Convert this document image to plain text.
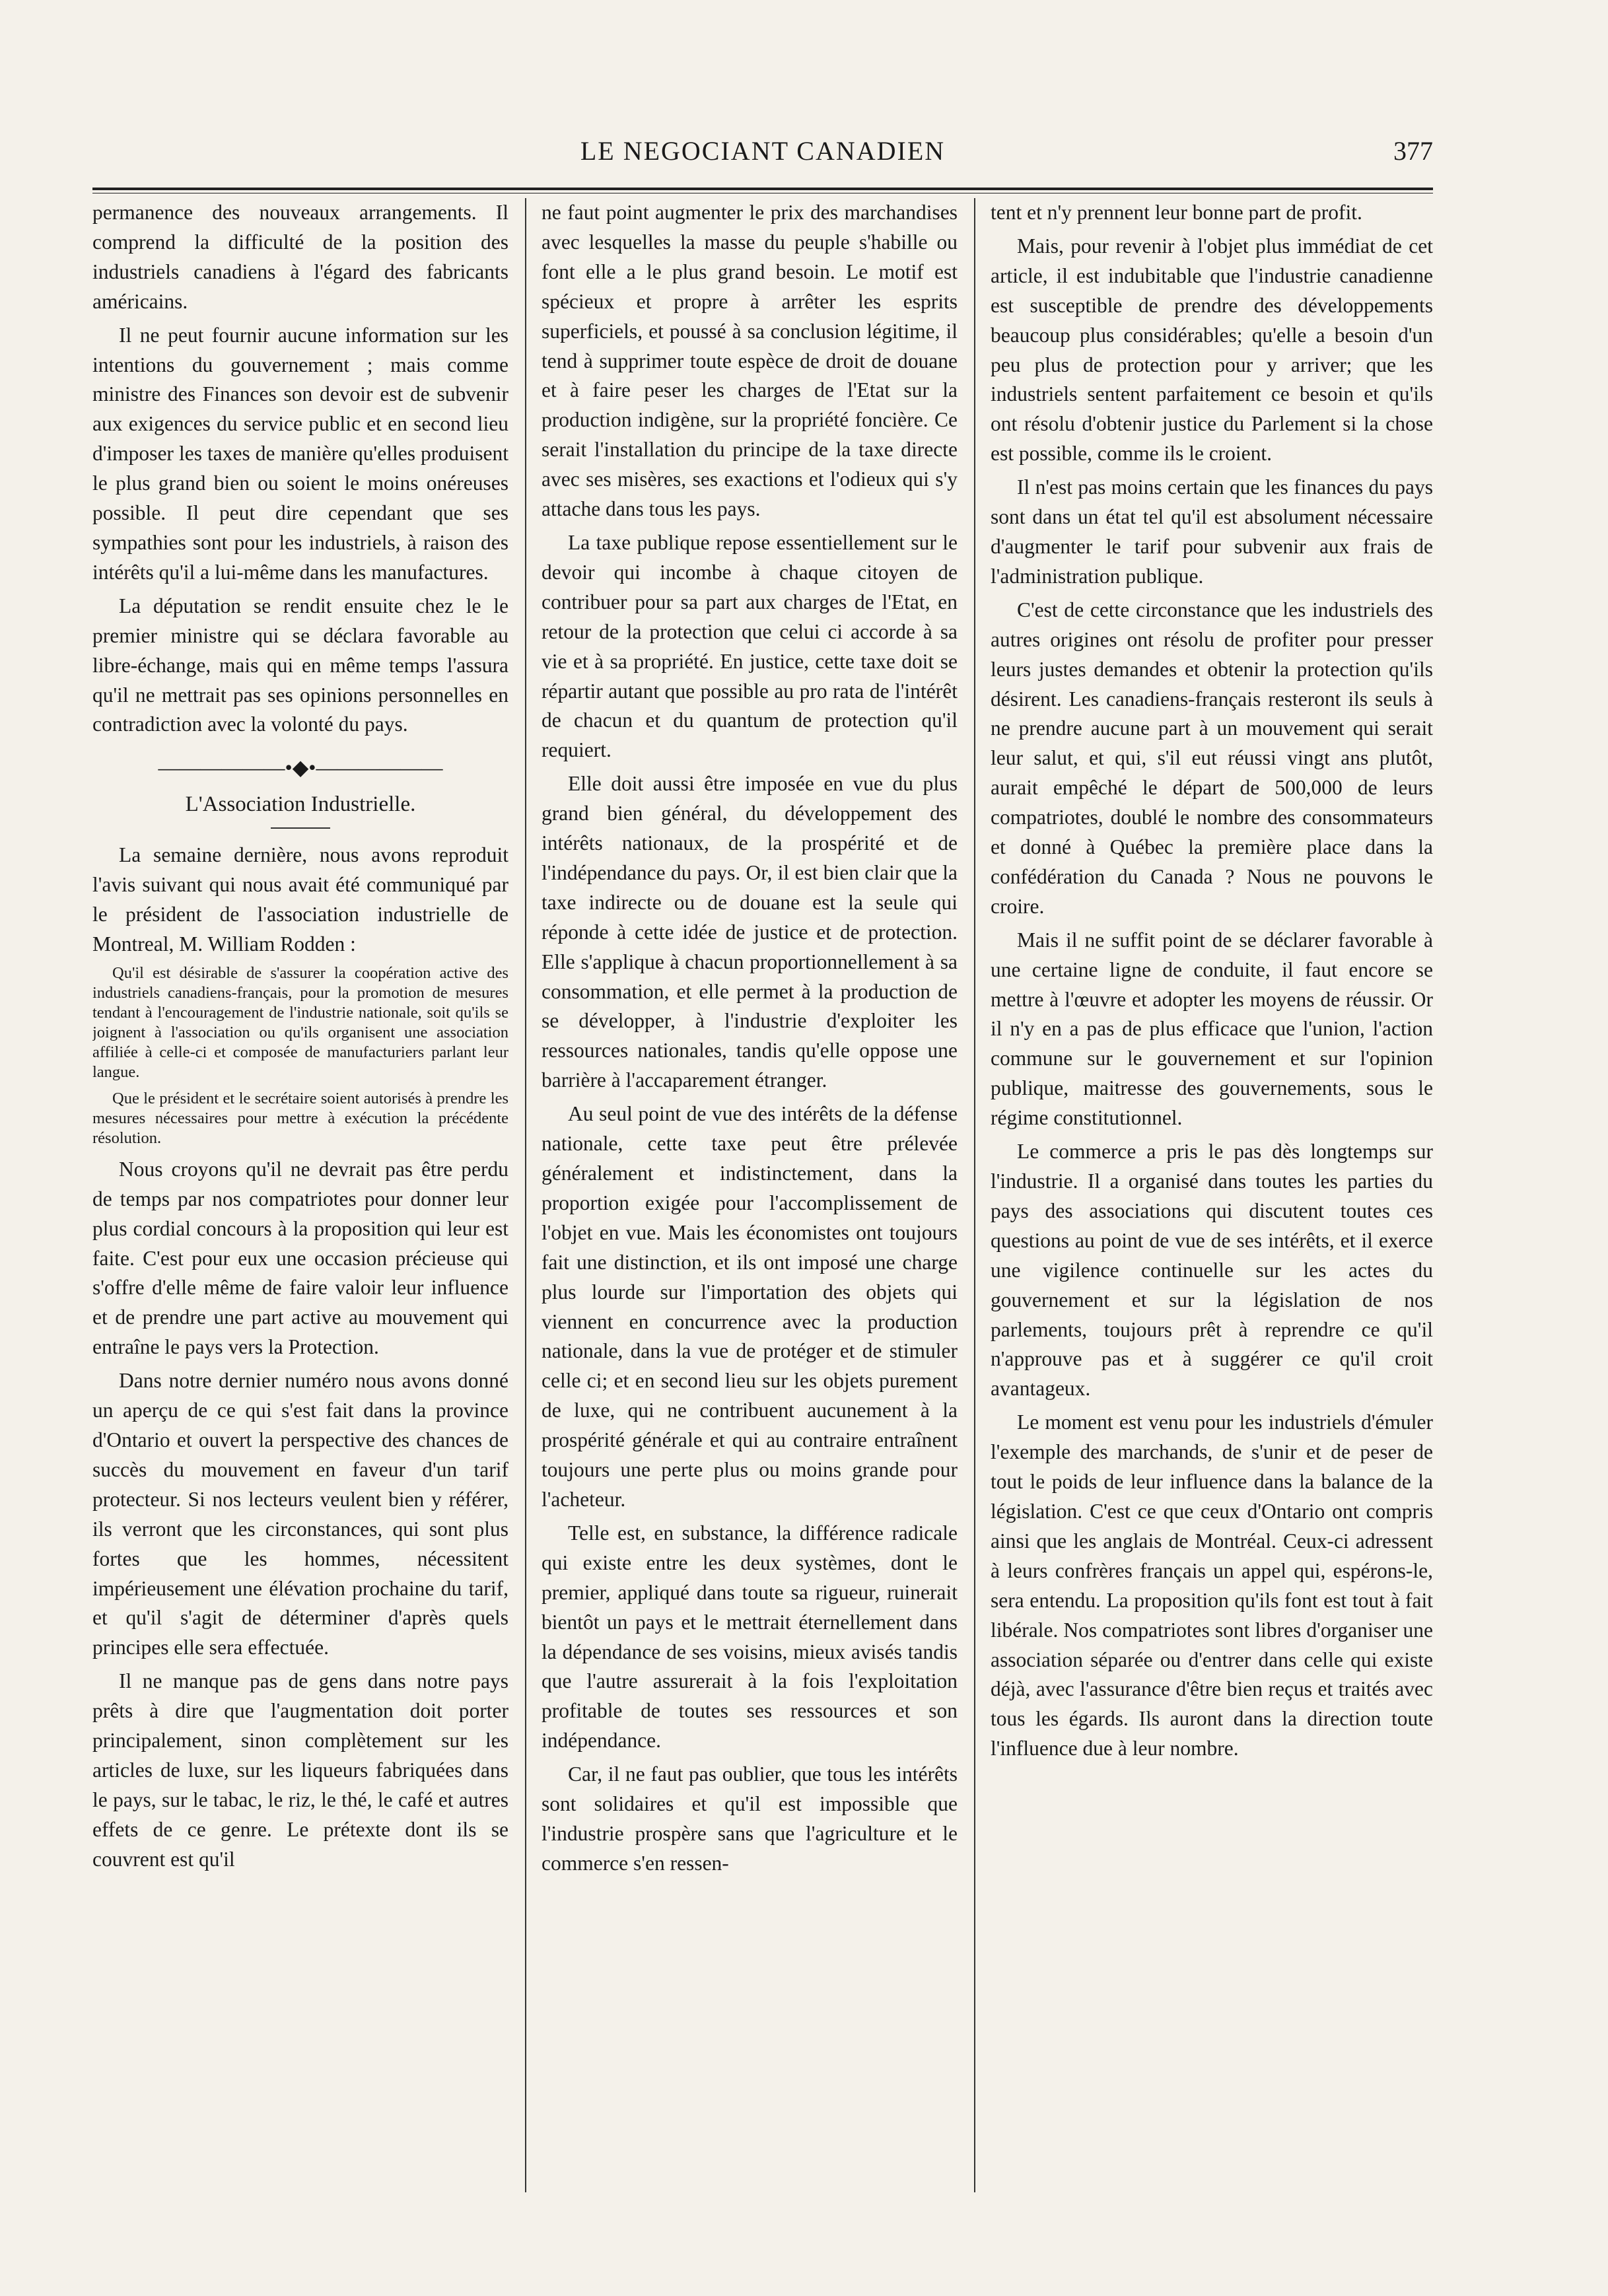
LE NEGOCIANT CANADIEN	377

permanence des nouveaux arrangements. Il comprend la difficulté de la position des industriels canadiens à l'égard des fabricants américains.

Il ne peut fournir aucune information sur les intentions du gouvernement ; mais comme ministre des Finances son devoir est de subvenir aux exigences du service public et en second lieu d'imposer les taxes de manière qu'elles produisent le plus grand bien ou soient le moins onéreuses possible. Il peut dire cependant que ses sympathies sont pour les industriels, à raison des intérêts qu'il a lui-même dans les manufactures.

La députation se rendit ensuite chez le le premier ministre qui se déclara favorable au libre-échange, mais qui en même temps l'assura qu'il ne mettrait pas ses opinions personnelles en contradiction avec la volonté du pays.

——————•◆•——————
L'Association Industrielle.

La semaine dernière, nous avons reproduit l'avis suivant qui nous avait été communiqué par le président de l'association industrielle de Montreal, M. William Rodden :

Qu'il est désirable de s'assurer la coopération active des industriels canadiens-français, pour la promotion de mesures tendant à l'encouragement de l'industrie nationale, soit qu'ils se joignent à l'association ou qu'ils organisent une association affiliée à celle-ci et composée de manufacturiers parlant leur langue.

Que le président et le secrétaire soient autorisés à prendre les mesures nécessaires pour mettre à exécution la précédente résolution.

Nous croyons qu'il ne devrait pas être perdu de temps par nos compatriotes pour donner leur plus cordial concours à la proposition qui leur est faite. C'est pour eux une occasion précieuse qui s'offre d'elle même de faire valoir leur influence et de prendre une part active au mouvement qui entraîne le pays vers la Protection.

Dans notre dernier numéro nous avons donné un aperçu de ce qui s'est fait dans la province d'Ontario et ouvert la perspective des chances de succès du mouvement en faveur d'un tarif protecteur. Si nos lecteurs veulent bien y référer, ils verront que les circonstances, qui sont plus fortes que les hommes, nécessitent impérieusement une élévation prochaine du tarif, et qu'il s'agit de déterminer d'après quels principes elle sera effectuée.

Il ne manque pas de gens dans notre pays prêts à dire que l'augmentation doit porter principalement, sinon complètement sur les articles de luxe, sur les liqueurs fabriquées dans le pays, sur le tabac, le riz, le thé, le café et autres effets de ce genre. Le prétexte dont ils se couvrent est qu'il

ne faut point augmenter le prix des marchandises avec lesquelles la masse du peuple s'habille ou font elle a le plus grand besoin. Le motif est spécieux et propre à arrêter les esprits superficiels, et poussé à sa conclusion légitime, il tend à supprimer toute espèce de droit de douane et à faire peser les charges de l'Etat sur la production indigène, sur la propriété foncière. Ce serait l'installation du principe de la taxe directe avec ses misères, ses exactions et l'odieux qui s'y attache dans tous les pays.

La taxe publique repose essentiellement sur le devoir qui incombe à chaque citoyen de contribuer pour sa part aux charges de l'Etat, en retour de la protection que celui ci accorde à sa vie et à sa propriété. En justice, cette taxe doit se répartir autant que possible au pro rata de l'intérêt de chacun et du quantum de protection qu'il requiert.

Elle doit aussi être imposée en vue du plus grand bien général, du développement des intérêts nationaux, de la prospérité et de l'indépendance du pays. Or, il est bien clair que la taxe indirecte ou de douane est la seule qui réponde à cette idée de justice et de protection. Elle s'applique à chacun proportionnellement à sa consommation, et elle permet à la production de se développer, à l'industrie d'exploiter les ressources nationales, tandis qu'elle oppose une barrière à l'accaparement étranger.

Au seul point de vue des intérêts de la défense nationale, cette taxe peut être prélevée généralement et indistinctement, dans la proportion exigée pour l'accomplissement de l'objet en vue. Mais les économistes ont toujours fait une distinction, et ils ont imposé une charge plus lourde sur l'importation des objets qui viennent en concurrence avec la production nationale, dans la vue de protéger et de stimuler celle ci; et en second lieu sur les objets purement de luxe, qui ne contribuent aucunement à la prospérité générale et qui au contraire entraînent toujours une perte plus ou moins grande pour l'acheteur.

Telle est, en substance, la différence radicale qui existe entre les deux systèmes, dont le premier, appliqué dans toute sa rigueur, ruinerait bientôt un pays et le mettrait éternellement dans la dépendance de ses voisins, mieux avisés tandis que l'autre assurerait à la fois l'exploitation profitable de toutes ses ressources et son indépendance.

Car, il ne faut pas oublier, que tous les intérêts sont solidaires et qu'il est impossible que l'industrie prospère sans que l'agriculture et le commerce s'en ressen-

tent et n'y prennent leur bonne part de profit.

Mais, pour revenir à l'objet plus immédiat de cet article, il est indubitable que l'industrie canadienne est susceptible de prendre des développements beaucoup plus considérables; qu'elle a besoin d'un peu plus de protection pour y arriver; que les industriels sentent parfaitement ce besoin et qu'ils ont résolu d'obtenir justice du Parlement si la chose est possible, comme ils le croient.

Il n'est pas moins certain que les finances du pays sont dans un état tel qu'il est absolument nécessaire d'augmenter le tarif pour subvenir aux frais de l'administration publique.

C'est de cette circonstance que les industriels des autres origines ont résolu de profiter pour presser leurs justes demandes et obtenir la protection qu'ils désirent. Les canadiens-français resteront ils seuls à ne prendre aucune part à un mouvement qui serait leur salut, et qui, s'il eut réussi vingt ans plutôt, aurait empêché le départ de 500,000 de leurs compatriotes, doublé le nombre des consommateurs et donné à Québec la première place dans la confédération du Canada ? Nous ne pouvons le croire.

Mais il ne suffit point de se déclarer favorable à une certaine ligne de conduite, il faut encore se mettre à l'œuvre et adopter les moyens de réussir. Or il n'y en a pas de plus efficace que l'union, l'action commune sur le gouvernement et sur l'opinion publique, maitresse des gouvernements, sous le régime constitutionnel.

Le commerce a pris le pas dès longtemps sur l'industrie. Il a organisé dans toutes les parties du pays des associations qui discutent toutes ces questions au point de vue de ses intérêts, et il exerce une vigilence continuelle sur les actes du gouvernement et sur la législation de nos parlements, toujours prêt à reprendre ce qu'il n'approuve pas et à suggérer ce qu'il croit avantageux.

Le moment est venu pour les industriels d'émuler l'exemple des marchands, de s'unir et de peser de tout le poids de leur influence dans la balance de la législation. C'est ce que ceux d'Ontario ont compris ainsi que les anglais de Montréal. Ceux-ci adressent à leurs confrères français un appel qui, espérons-le, sera entendu. La proposition qu'ils font est tout à fait libérale. Nos compatriotes sont libres d'organiser une association séparée ou d'entrer dans celle qui existe déjà, avec l'assurance d'être bien reçus et traités avec tous les égards. Ils auront dans la direction toute l'influence due à leur nombre.
